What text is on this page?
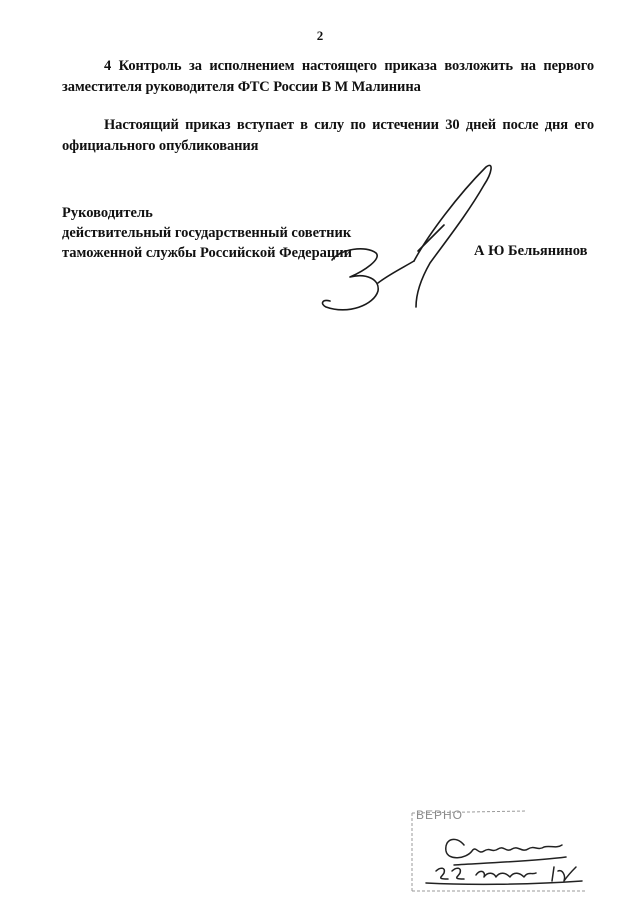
2
4 Контроль за исполнением настоящего приказа возложить на первого
заместителя руководителя ФТС России В М Малинина
Настоящий приказ вступает в силу по истечении 30 дней после дня его
официального опубликования
Руководитель
действительный государственный советник
таможенной службы Российской Федерации	А Ю Бельянинов
ВЕРНО
